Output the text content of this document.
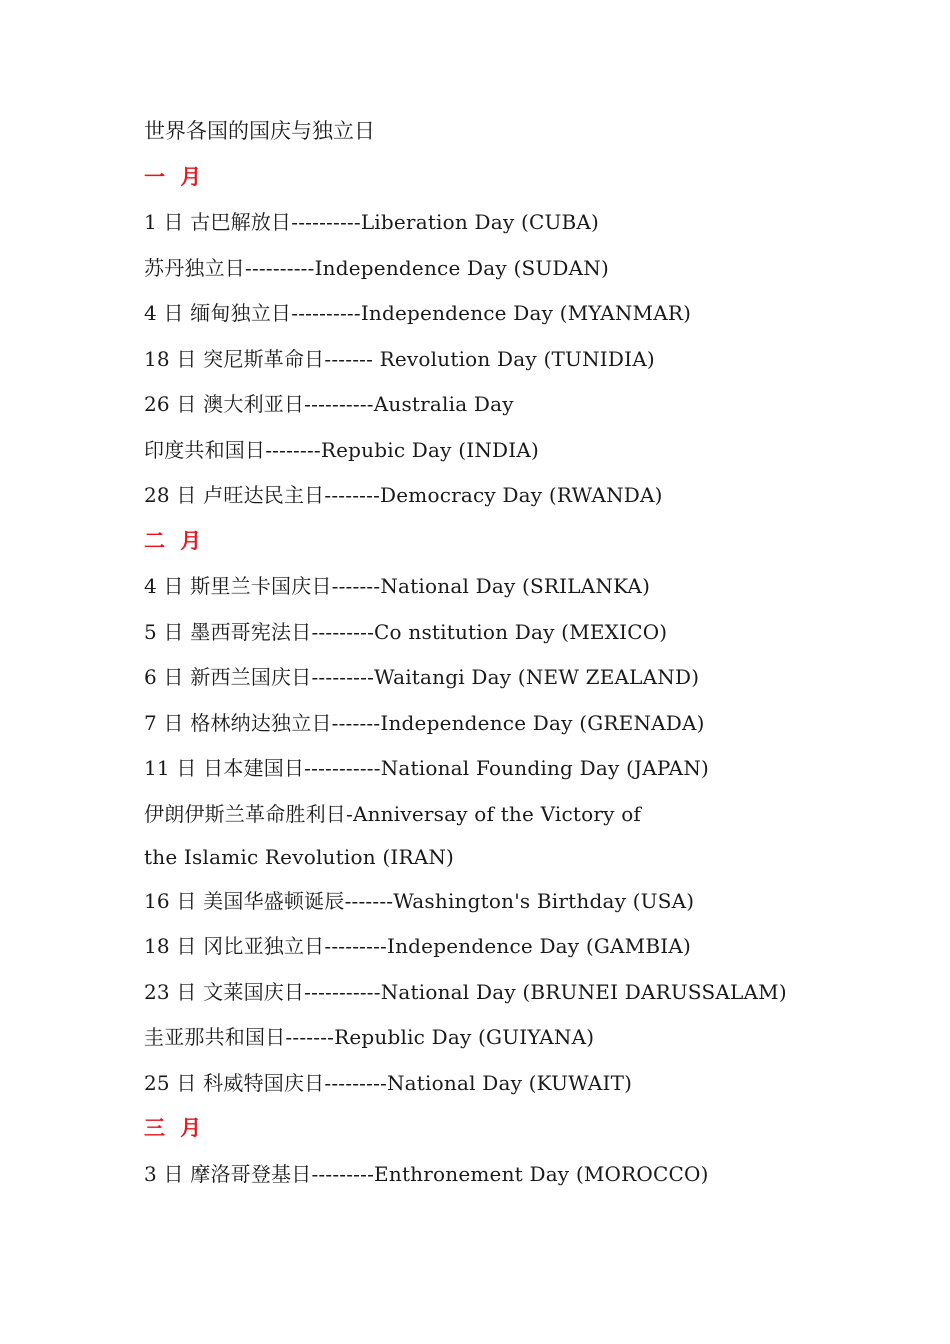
世界各国的国庆与独立日
一 月
1 日 古巴解放日----------Liberation Day (CUBA)
苏丹独立日----------Independence Day (SUDAN)
4 日 缅甸独立日----------Independence Day (MYANMAR)
18 日 突尼斯革命日------- Revolution Day (TUNIDIA)
26 日 澳大利亚日----------Australia Day
印度共和国日--------Repubic Day (INDIA)
28 日 卢旺达民主日--------Democracy Day (RWANDA)
二 月
4 日 斯里兰卡国庆日-------National Day (SRILANKA)
5 日 墨西哥宪法日---------Co nstitution Day (MEXICO)
6 日 新西兰国庆日---------Waitangi Day (NEW ZEALAND)
7 日 格林纳达独立日-------Independence Day (GRENADA)
11 日 日本建国日-----------National Founding Day (JAPAN)
伊朗伊斯兰革命胜利日-Anniversay of the Victory of
the Islamic Revolution (IRAN)
16 日 美国华盛顿诞辰-------Washington's Birthday (USA)
18 日 冈比亚独立日---------Independence Day (GAMBIA)
23 日 文莱国庆日-----------National Day (BRUNEI DARUSSALAM)
圭亚那共和国日-------Republic Day (GUIYANA)
25 日 科威特国庆日---------National Day (KUWAIT)
三 月
3 日 摩洛哥登基日---------Enthronement Day (MOROCCO)
